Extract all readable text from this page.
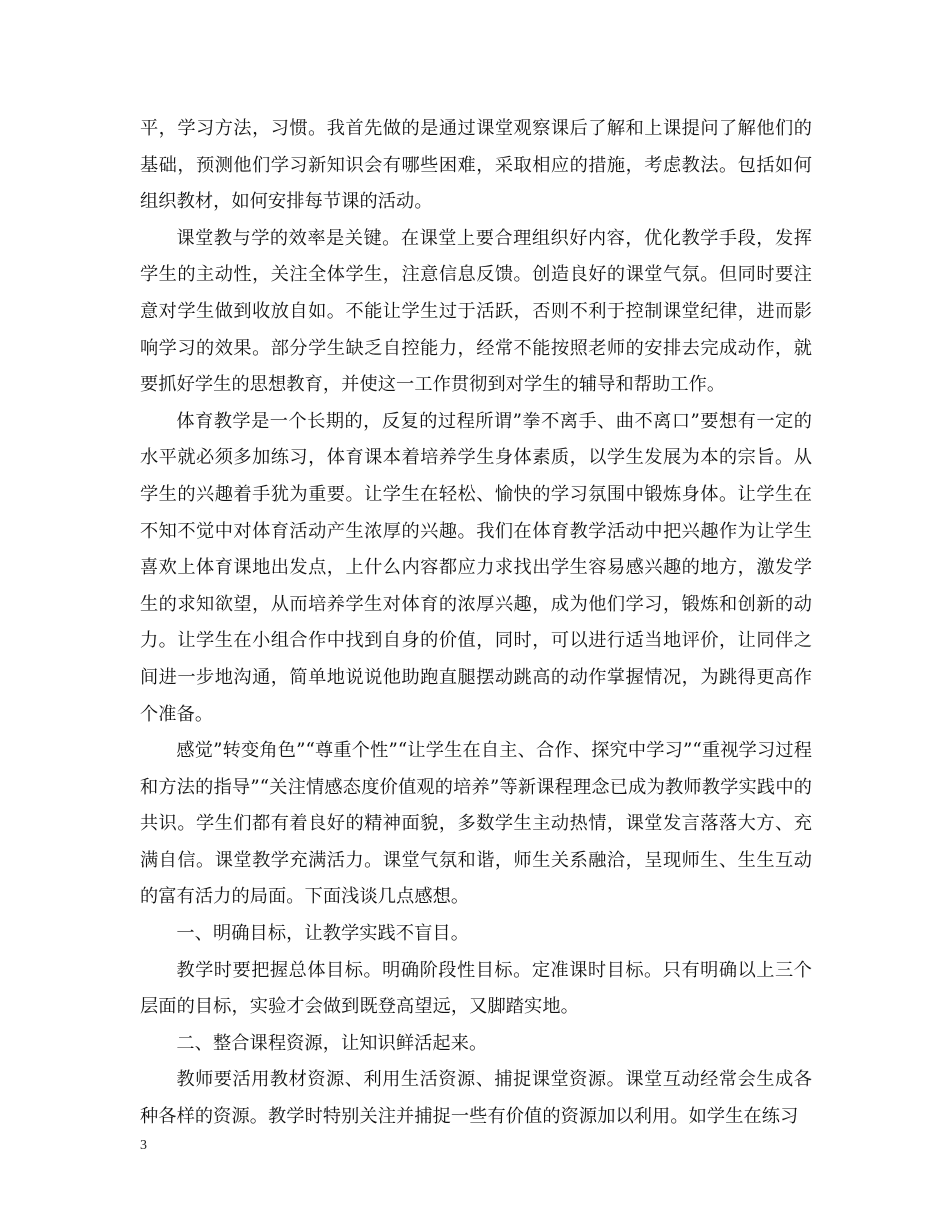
平，学习方法，习惯。我首先做的是通过课堂观察课后了解和上课提问了解他们的基础，预测他们学习新知识会有哪些困难，采取相应的措施，考虑教法。包括如何组织教材，如何安排每节课的活动。

课堂教与学的效率是关键。在课堂上要合理组织好内容，优化教学手段，发挥学生的主动性，关注全体学生，注意信息反馈。创造良好的课堂气氛。但同时要注意对学生做到收放自如。不能让学生过于活跃，否则不利于控制课堂纪律，进而影响学习的效果。部分学生缺乏自控能力，经常不能按照老师的安排去完成动作，就要抓好学生的思想教育，并使这一工作贯彻到对学生的辅导和帮助工作。

体育教学是一个长期的，反复的过程所谓”拳不离手、曲不离口”要想有一定的水平就必须多加练习，体育课本着培养学生身体素质，以学生发展为本的宗旨。从学生的兴趣着手犹为重要。让学生在轻松、愉快的学习氛围中锻炼身体。让学生在不知不觉中对体育活动产生浓厚的兴趣。我们在体育教学活动中把兴趣作为让学生喜欢上体育课地出发点，上什么内容都应力求找出学生容易感兴趣的地方，激发学生的求知欲望，从而培养学生对体育的浓厚兴趣，成为他们学习，锻炼和创新的动力。让学生在小组合作中找到自身的价值，同时，可以进行适当地评价，让同伴之间进一步地沟通，简单地说说他助跑直腿摆动跳高的动作掌握情况，为跳得更高作个准备。

感觉”转变角色”“尊重个性”“让学生在自主、合作、探究中学习”“重视学习过程和方法的指导”“关注情感态度价值观的培养”等新课程理念已成为教师教学实践中的共识。学生们都有着良好的精神面貌，多数学生主动热情，课堂发言落落大方、充满自信。课堂教学充满活力。课堂气氛和谐，师生关系融洽，呈现师生、生生互动的富有活力的局面。下面浅谈几点感想。

一、明确目标，让教学实践不盲目。

教学时要把握总体目标。明确阶段性目标。定准课时目标。只有明确以上三个层面的目标，实验才会做到既登高望远，又脚踏实地。

二、整合课程资源，让知识鲜活起来。

教师要活用教材资源、利用生活资源、捕捉课堂资源。课堂互动经常会生成各种各样的资源。教学时特别关注并捕捉一些有价值的资源加以利用。如学生在练习

3
